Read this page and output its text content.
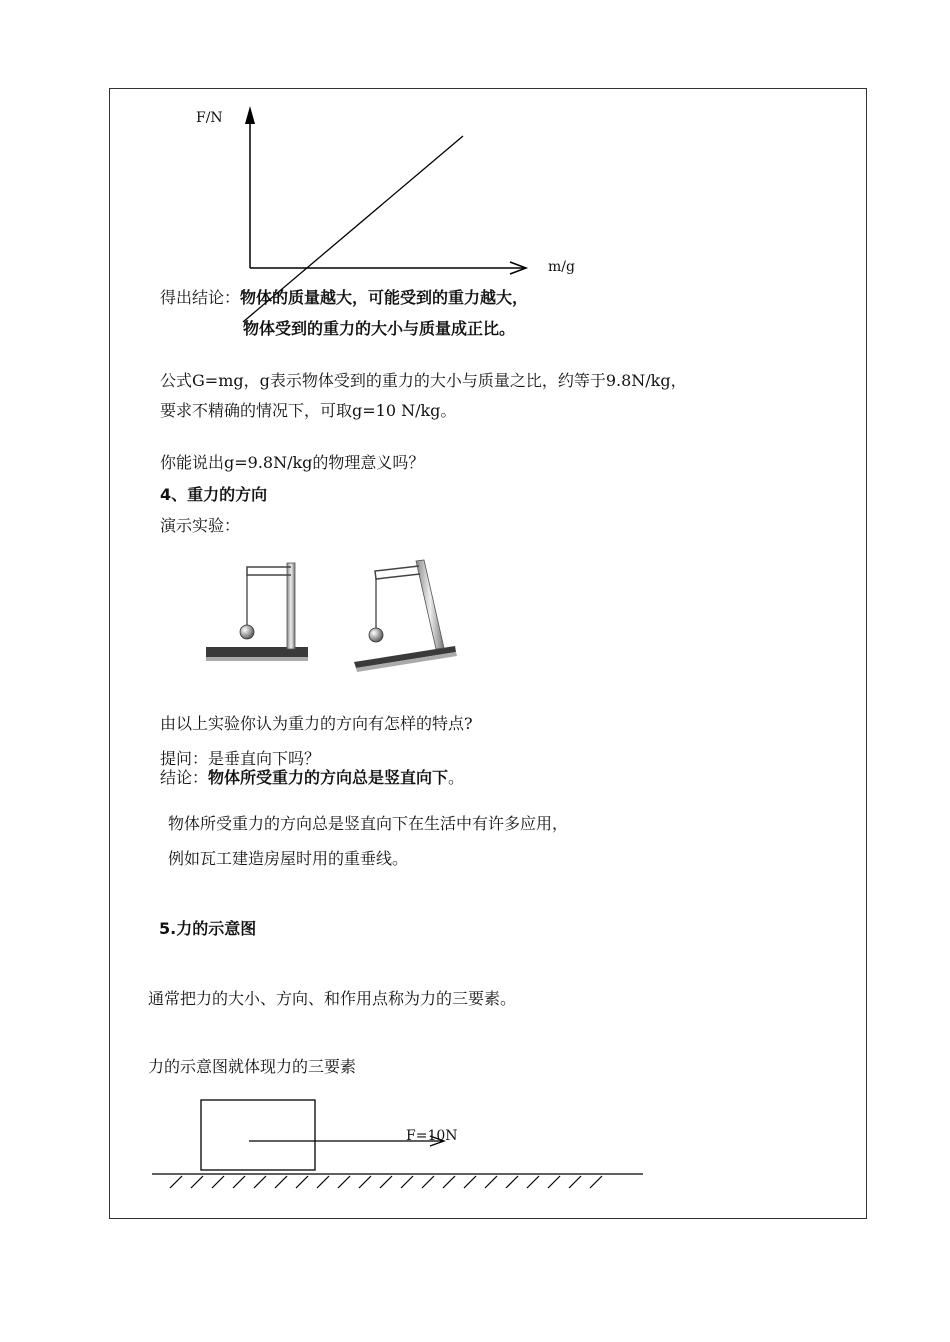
F/N
m/g
得出结论：物体的质量越大，可能受到的重力越大，
物体受到的重力的大小与质量成正比。
公式G=mg，g表示物体受到的重力的大小与质量之比，约等于9.8N/kg，
要求不精确的情况下，可取g=10 N/kg。
你能说出g=9.8N/kg的物理意义吗？
4、重力的方向
演示实验：
由以上实验你认为重力的方向有怎样的特点?
提问：是垂直向下吗？
结论：物体所受重力的方向总是竖直向下。
物体所受重力的方向总是竖直向下在生活中有许多应用，
例如瓦工建造房屋时用的重垂线。
5.力的示意图
通常把力的大小、方向、和作用点称为力的三要素。
力的示意图就体现力的三要素
F=10N
